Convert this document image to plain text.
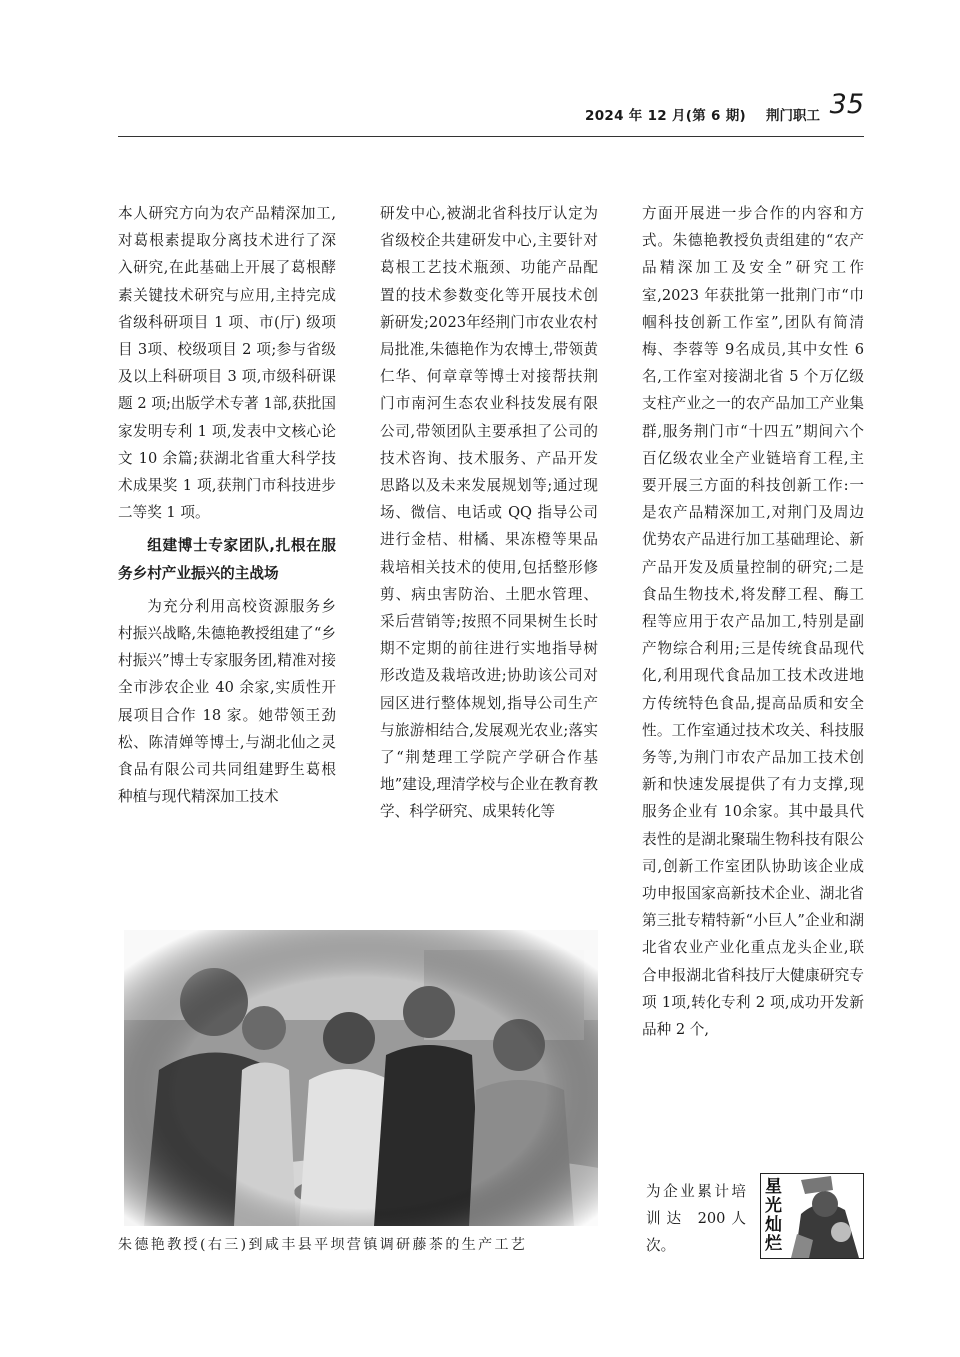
2024 年 12 月(第 6 期) 荆门职工 35

本人研究方向为农产品精深加工,对葛根素提取分离技术进行了深入研究,在此基础上开展了葛根酵素关键技术研究与应用,主持完成省级科研项目 1 项、市(厅) 级项目 3项、校级项目 2 项;参与省级及以上科研项目 3 项,市级科研课题 2 项;出版学术专著 1部,获批国家发明专利 1 项,发表中文核心论文 10 余篇;获湖北省重大科学技术成果奖 1 项,获荆门市科技进步二等奖 1 项。

组建博士专家团队,扎根在服务乡村产业振兴的主战场

为充分利用高校资源服务乡村振兴战略,朱德艳教授组建了“乡村振兴”博士专家服务团,精准对接全市涉农企业 40 余家,实质性开展项目合作 18 家。她带领王劲松、陈清婵等博士,与湖北仙之灵食品有限公司共同组建野生葛根种植与现代精深加工技术

研发中心,被湖北省科技厅认定为省级校企共建研发中心,主要针对葛根工艺技术瓶颈、功能产品配置的技术参数变化等开展技术创新研发;2023年经荆门市农业农村局批准,朱德艳作为农博士,带领黄仁华、何章章等博士对接帮扶荆门市南河生态农业科技发展有限公司,带领团队主要承担了公司的技术咨询、技术服务、产品开发思路以及未来发展规划等;通过现场、微信、电话或 QQ 指导公司进行金桔、柑橘、果冻橙等果品栽培相关技术的使用,包括整形修剪、病虫害防治、土肥水管理、采后营销等;按照不同果树生长时期不定期的前往进行实地指导树形改造及栽培改进;协助该公司对园区进行整体规划,指导公司生产与旅游相结合,发展观光农业;落实了“荆楚理工学院产学研合作基地”建设,理清学校与企业在教育教学、科学研究、成果转化等

方面开展进一步合作的内容和方式。朱德艳教授负责组建的“农产品精深加工及安全”研究工作室,2023 年获批第一批荆门市“巾帼科技创新工作室”,团队有简清梅、李蓉等 9名成员,其中女性 6 名,工作室对接湖北省 5 个万亿级支柱产业之一的农产品加工产业集群,服务荆门市“十四五”期间六个百亿级农业全产业链培育工程,主要开展三方面的科技创新工作:一是农产品精深加工,对荆门及周边优势农产品进行加工基础理论、新产品开发及质量控制的研究;二是食品生物技术,将发酵工程、酶工程等应用于农产品加工,特别是副产物综合利用;三是传统食品现代化,利用现代食品加工技术改进地方传统特色食品,提高品质和安全性。工作室通过技术攻关、科技服务等,为荆门市农产品加工技术创新和快速发展提供了有力支撑,现服务企业有 10余家。其中最具代表性的是湖北聚瑞生物科技有限公司,创新工作室团队协助该企业成功申报国家高新技术企业、湖北省第三批专精特新“小巨人”企业和湖北省农业产业化重点龙头企业,联合申报湖北省科技厅大健康研究专项 1项,转化专利 2 项,成功开发新品种 2 个,

朱德艳教授(右三)到咸丰县平坝营镇调研藤茶的生产工艺
为企业累计培训达 200人次。
星光灿烂
